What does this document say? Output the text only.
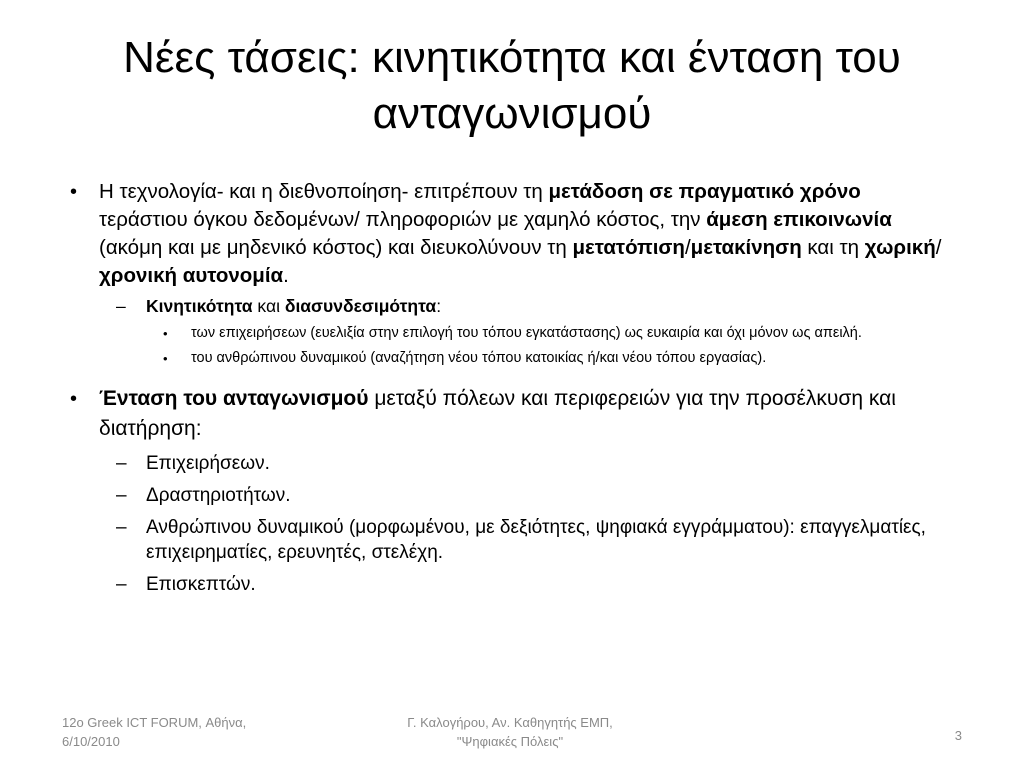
Νέες τάσεις: κινητικότητα και ένταση του ανταγωνισμού
• Η τεχνολογία- και η διεθνοποίηση- επιτρέπουν τη μετάδοση σε πραγματικό χρόνο τεράστιου όγκου δεδομένων/ πληροφοριών με χαμηλό κόστος, την άμεση επικοινωνία (ακόμη και με μηδενικό κόστος) και διευκολύνουν τη μετατόπιση/μετακίνηση και τη χωρική/ χρονική αυτονομία.
– Κινητικότητα και διασυνδεσιμότητα:
• των επιχειρήσεων (ευελιξία στην επιλογή του τόπου εγκατάστασης) ως ευκαιρία και όχι μόνον ως απειλή.
• του ανθρώπινου δυναμικού (αναζήτηση νέου τόπου κατοικίας ή/και νέου τόπου εργασίας).
• Ένταση του ανταγωνισμού μεταξύ πόλεων και περιφερειών για την προσέλκυση και διατήρηση:
– Επιχειρήσεων.
– Δραστηριοτήτων.
– Ανθρώπινου δυναμικού (μορφωμένου, με δεξιότητες, ψηφιακά εγγράμματου): επαγγελματίες, επιχειρηματίες, ερευνητές, στελέχη.
– Επισκεπτών.
12o Greek ICT FORUM, Αθήνα,
6/10/2010
Γ. Καλογήρου, Αν. Καθηγητής ΕΜΠ,
"Ψηφιακές Πόλεις"	3
